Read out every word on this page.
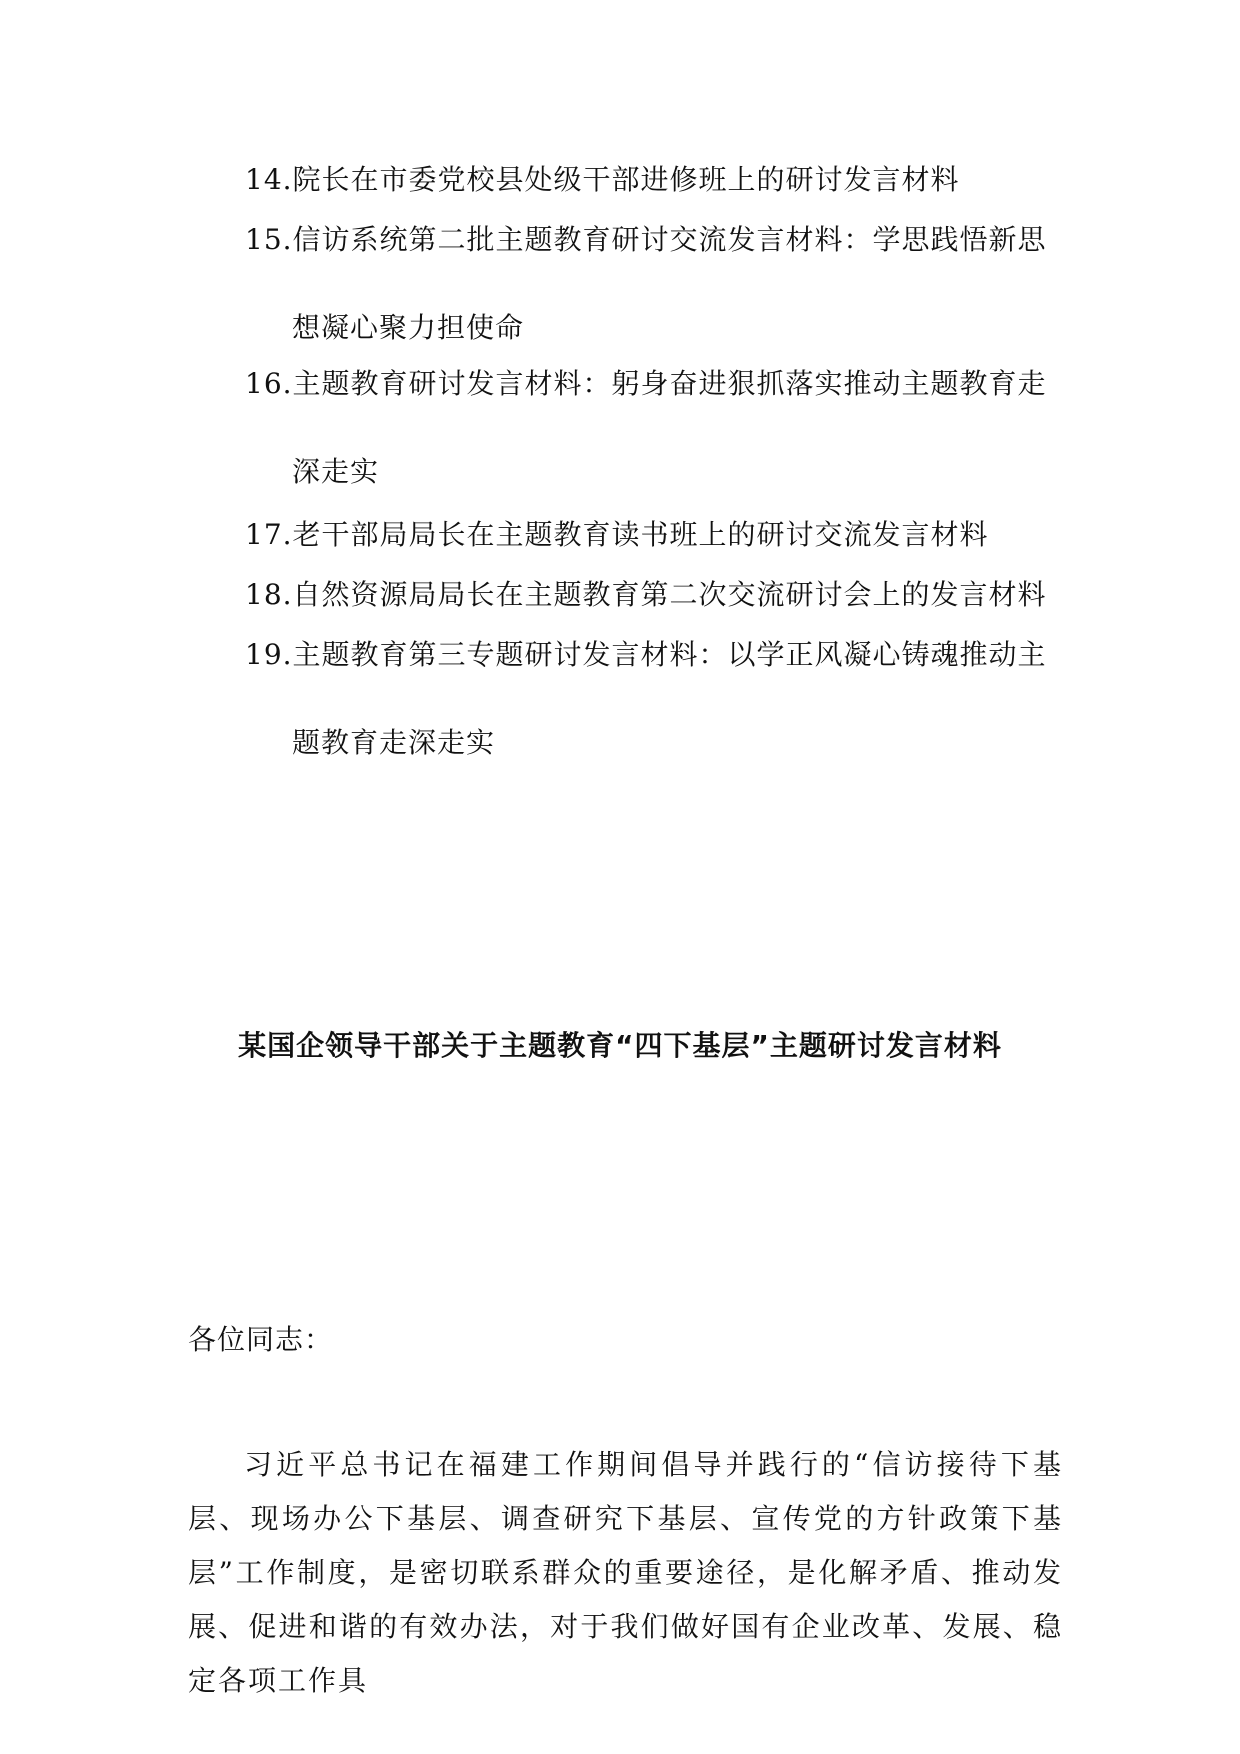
14.院长在市委党校县处级干部进修班上的研讨发言材料
15.信访系统第二批主题教育研讨交流发言材料：学思践悟新思
想凝心聚力担使命
16.主题教育研讨发言材料：躬身奋进狠抓落实推动主题教育走
深走实
17.老干部局局长在主题教育读书班上的研讨交流发言材料
18.自然资源局局长在主题教育第二次交流研讨会上的发言材料
19.主题教育第三专题研讨发言材料：以学正风凝心铸魂推动主
题教育走深走实
某国企领导干部关于主题教育“四下基层”主题研讨发言材料
各位同志：
习近平总书记在福建工作期间倡导并践行的“信访接待下基层、现场办公下基层、调查研究下基层、宣传党的方针政策下基层”工作制度，是密切联系群众的重要途径，是化解矛盾、推动发展、促进和谐的有效办法，对于我们做好国有企业改革、发展、稳定各项工作具
